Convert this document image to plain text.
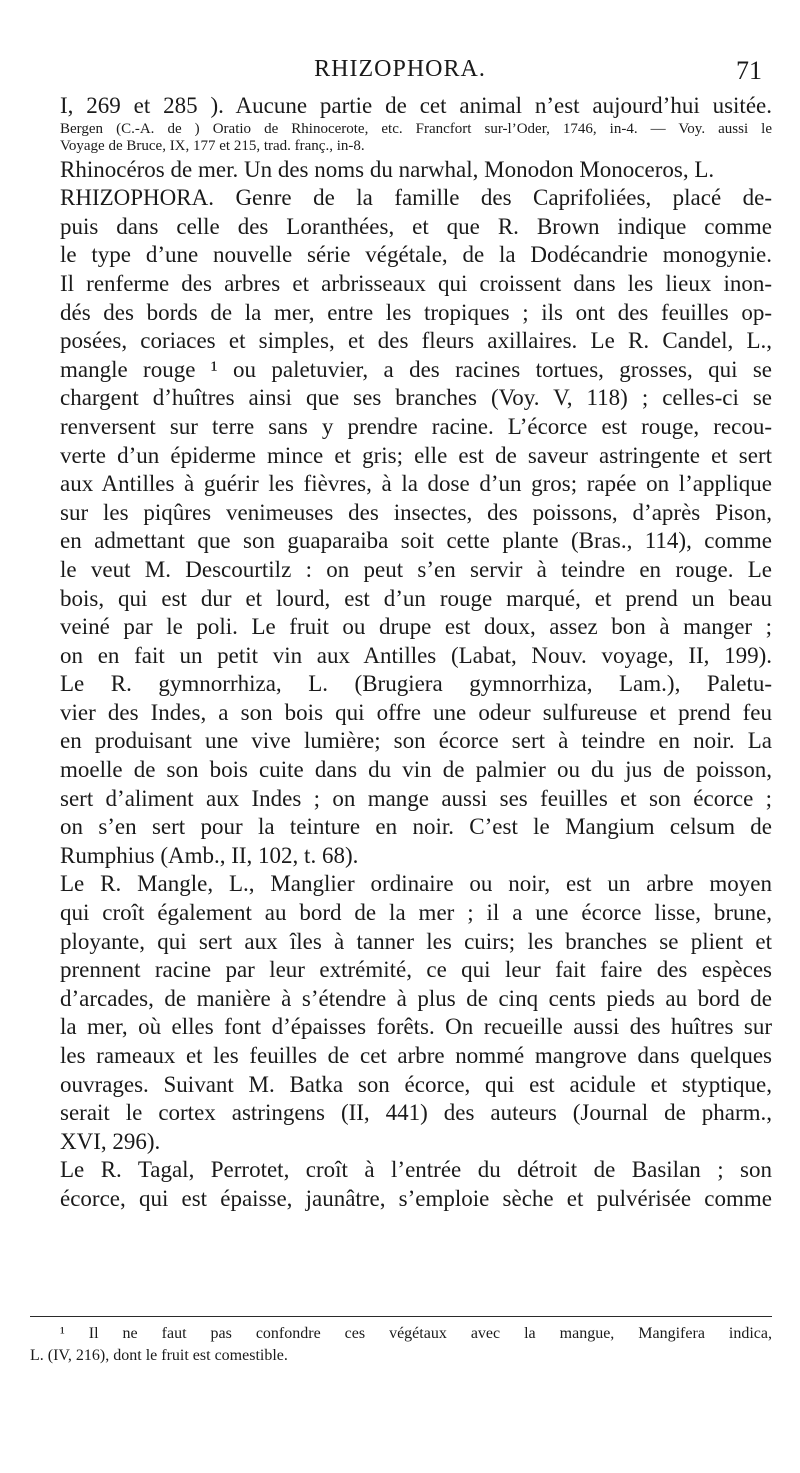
RHIZOPHORA.	71
I, 269 et 285 ). Aucune partie de cet animal n’est aujourd’hui usitée.
Bergen (C.-A. de ) Oratio de Rhinocerote, etc. Francfort sur-l’Oder, 1746, in-4. — Voy. aussi le
Voyage de Bruce, IX, 177 et 215, trad. franç., in-8.
Rhinocéros de mer. Un des noms du narwhal, Monodon Monoceros, L.
RHIZOPHORA. Genre de la famille des Caprifoliées, placé de-
puis dans celle des Loranthées, et que R. Brown indique comme
le type d’une nouvelle série végétale, de la Dodécandrie monogynie.
Il renferme des arbres et arbrisseaux qui croissent dans les lieux inon-
dés des bords de la mer, entre les tropiques ; ils ont des feuilles op-
posées, coriaces et simples, et des fleurs axillaires. Le R. Candel, L.,
mangle rouge ¹ ou paletuvier, a des racines tortues, grosses, qui se
chargent d’huîtres ainsi que ses branches (Voy. V, 118) ; celles-ci se
renversent sur terre sans y prendre racine. L’écorce est rouge, recou-
verte d’un épiderme mince et gris; elle est de saveur astringente et sert
aux Antilles à guérir les fièvres, à la dose d’un gros; rapée on l’applique
sur les piqûres venimeuses des insectes, des poissons, d’après Pison,
en admettant que son guaparaiba soit cette plante (Bras., 114), comme
le veut M. Descourtilz : on peut s’en servir à teindre en rouge. Le
bois, qui est dur et lourd, est d’un rouge marqué, et prend un beau
veiné par le poli. Le fruit ou drupe est doux, assez bon à manger ;
on en fait un petit vin aux Antilles (Labat, Nouv. voyage, II, 199).
Le R. gymnorrhiza, L. (Brugiera gymnorrhiza, Lam.), Paletu-
vier des Indes, a son bois qui offre une odeur sulfureuse et prend feu
en produisant une vive lumière; son écorce sert à teindre en noir. La
moelle de son bois cuite dans du vin de palmier ou du jus de poisson,
sert d’aliment aux Indes ; on mange aussi ses feuilles et son écorce ;
on s’en sert pour la teinture en noir. C’est le Mangium celsum de
Rumphius (Amb., II, 102, t. 68).
Le R. Mangle, L., Manglier ordinaire ou noir, est un arbre moyen
qui croît également au bord de la mer ; il a une écorce lisse, brune,
ployante, qui sert aux îles à tanner les cuirs; les branches se plient et
prennent racine par leur extrémité, ce qui leur fait faire des espèces
d’arcades, de manière à s’étendre à plus de cinq cents pieds au bord de
la mer, où elles font d’épaisses forêts. On recueille aussi des huîtres sur
les rameaux et les feuilles de cet arbre nommé mangrove dans quelques
ouvrages. Suivant M. Batka son écorce, qui est acidule et styptique,
serait le cortex astringens (II, 441) des auteurs (Journal de pharm.,
XVI, 296).
Le R. Tagal, Perrotet, croît à l’entrée du détroit de Basilan ; son
écorce, qui est épaisse, jaunâtre, s’emploie sèche et pulvérisée comme
¹ Il ne faut pas confondre ces végétaux avec la mangue, Mangifera indica,
L. (IV, 216), dont le fruit est comestible.
